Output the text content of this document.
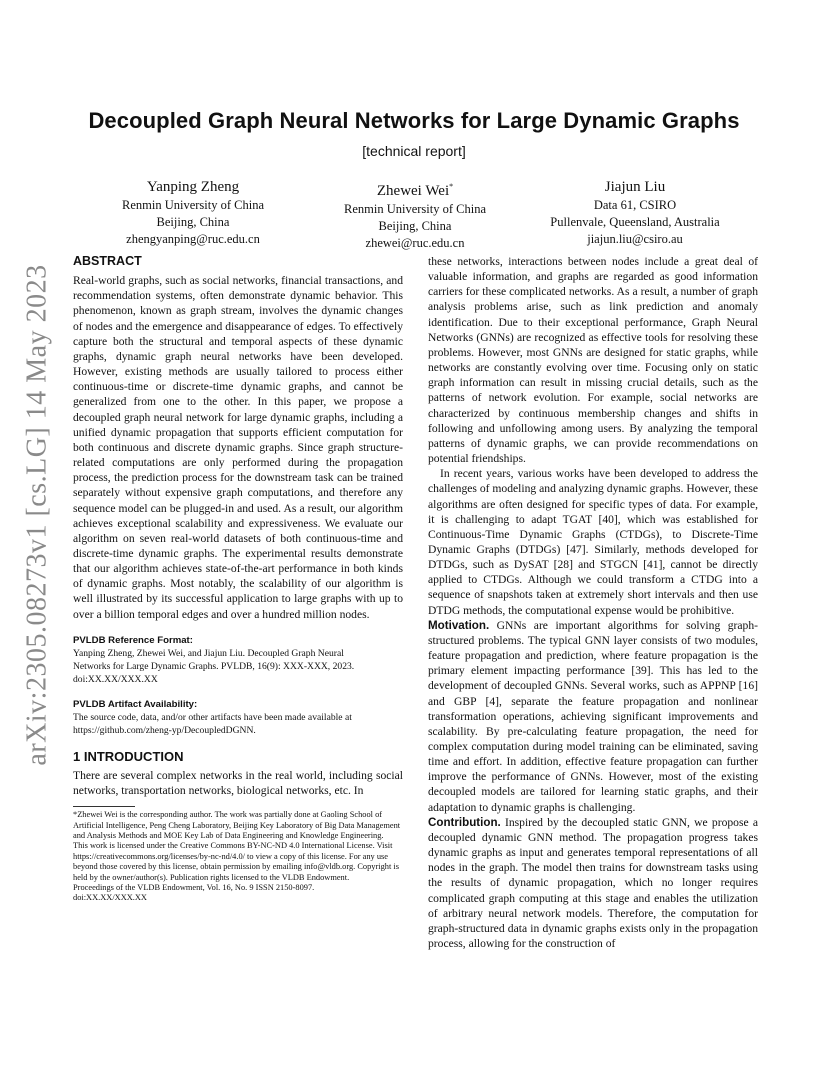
arXiv:2305.08273v1 [cs.LG] 14 May 2023
Decoupled Graph Neural Networks for Large Dynamic Graphs
[technical report]
Yanping Zheng
Renmin University of China
Beijing, China
zhengyanping@ruc.edu.cn
Zhewei Wei*
Renmin University of China
Beijing, China
zhewei@ruc.edu.cn
Jiajun Liu
Data 61, CSIRO
Pullenvale, Queensland, Australia
jiajun.liu@csiro.au
ABSTRACT

Real-world graphs, such as social networks, financial transactions, and recommendation systems, often demonstrate dynamic behavior. This phenomenon, known as graph stream, involves the dynamic changes of nodes and the emergence and disappearance of edges. To effectively capture both the structural and temporal aspects of these dynamic graphs, dynamic graph neural networks have been developed. However, existing methods are usually tailored to process either continuous-time or discrete-time dynamic graphs, and cannot be generalized from one to the other. In this paper, we propose a decoupled graph neural network for large dynamic graphs, including a unified dynamic propagation that supports efficient computation for both continuous and discrete dynamic graphs. Since graph structure-related computations are only performed during the propagation process, the prediction process for the downstream task can be trained separately without expensive graph computations, and therefore any sequence model can be plugged-in and used. As a result, our algorithm achieves exceptional scalability and expressiveness. We evaluate our algorithm on seven real-world datasets of both continuous-time and discrete-time dynamic graphs. The experimental results demonstrate that our algorithm achieves state-of-the-art performance in both kinds of dynamic graphs. Most notably, the scalability of our algorithm is well illustrated by its successful application to large graphs with up to over a billion temporal edges and over a hundred million nodes.

PVLDB Reference Format:

Yanping Zheng, Zhewei Wei, and Jiajun Liu. Decoupled Graph Neural

Networks for Large Dynamic Graphs. PVLDB, 16(9): XXX-XXX, 2023.

doi:XX.XX/XXX.XX

PVLDB Artifact Availability:

The source code, data, and/or other artifacts have been made available at

https://github.com/zheng-yp/DecoupledDGNN.

1 INTRODUCTION

There are several complex networks in the real world, including social networks, transportation networks, biological networks, etc. In

*Zhewei Wei is the corresponding author. The work was partially done at Gaoling School of Artificial Intelligence, Peng Cheng Laboratory, Beijing Key Laboratory of Big Data Management and Analysis Methods and MOE Key Lab of Data Engineering and Knowledge Engineering.

This work is licensed under the Creative Commons BY-NC-ND 4.0 International License. Visit https://creativecommons.org/licenses/by-nc-nd/4.0/ to view a copy of this license. For any use beyond those covered by this license, obtain permission by emailing info@vldb.org. Copyright is held by the owner/author(s). Publication rights licensed to the VLDB Endowment.

Proceedings of the VLDB Endowment, Vol. 16, No. 9 ISSN 2150-8097.

doi:XX.XX/XXX.XX

these networks, interactions between nodes include a great deal of valuable information, and graphs are regarded as good information carriers for these complicated networks. As a result, a number of graph analysis problems arise, such as link prediction and anomaly identification. Due to their exceptional performance, Graph Neural Networks (GNNs) are recognized as effective tools for resolving these problems. However, most GNNs are designed for static graphs, while networks are constantly evolving over time. Focusing only on static graph information can result in missing crucial details, such as the patterns of network evolution. For example, social networks are characterized by continuous membership changes and shifts in following and unfollowing among users. By analyzing the temporal patterns of dynamic graphs, we can provide recommendations on potential friendships.

In recent years, various works have been developed to address the challenges of modeling and analyzing dynamic graphs. However, these algorithms are often designed for specific types of data. For example, it is challenging to adapt TGAT [40], which was established for Continuous-Time Dynamic Graphs (CTDGs), to Discrete-Time Dynamic Graphs (DTDGs) [47]. Similarly, methods developed for DTDGs, such as DySAT [28] and STGCN [41], cannot be directly applied to CTDGs. Although we could transform a CTDG into a sequence of snapshots taken at extremely short intervals and then use DTDG methods, the computational expense would be prohibitive.

Motivation. GNNs are important algorithms for solving graph-structured problems. The typical GNN layer consists of two modules, feature propagation and prediction, where feature propagation is the primary element impacting performance [39]. This has led to the development of decoupled GNNs. Several works, such as APPNP [16] and GBP [4], separate the feature propagation and nonlinear transformation operations, achieving significant improvements and scalability. By pre-calculating feature propagation, the need for complex computation during model training can be eliminated, saving time and effort. In addition, effective feature propagation can further improve the performance of GNNs. However, most of the existing decoupled models are tailored for learning static graphs, and their adaptation to dynamic graphs is challenging.

Contribution. Inspired by the decoupled static GNN, we propose a decoupled dynamic GNN method. The propagation progress takes dynamic graphs as input and generates temporal representations of all nodes in the graph. The model then trains for downstream tasks using the results of dynamic propagation, which no longer requires complicated graph computing at this stage and enables the utilization of arbitrary neural network models. Therefore, the computation for graph-structured data in dynamic graphs exists only in the propagation process, allowing for the construction of
